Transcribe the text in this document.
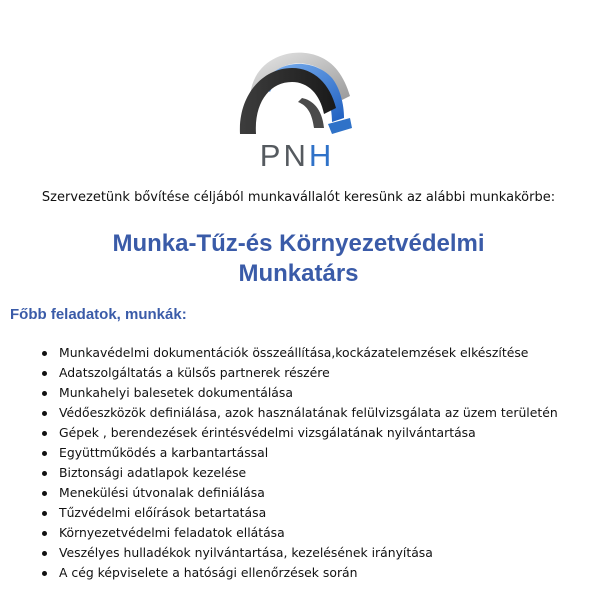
PNH
Szervezetünk bővítése céljából munkavállalót keresünk az alábbi munkakörbe:
Munka-Tűz-és Környezetvédelmi
Munkatárs
Főbb feladatok, munkák:
Munkavédelmi dokumentációk összeállítása,kockázatelemzések elkészítése
Adatszolgáltatás a külsős partnerek részére
Munkahelyi balesetek dokumentálása
Védőeszközök definiálása, azok használatának felülvizsgálata az üzem területén
Gépek , berendezések érintésvédelmi vizsgálatának nyilvántartása
Együttműködés a karbantartással
Biztonsági adatlapok kezelése
Menekülési útvonalak definiálása
Tűzvédelmi előírások betartatása
Környezetvédelmi feladatok ellátása
Veszélyes hulladékok nyilvántartása, kezelésének irányítása
A cég képviselete a hatósági ellenőrzések során
